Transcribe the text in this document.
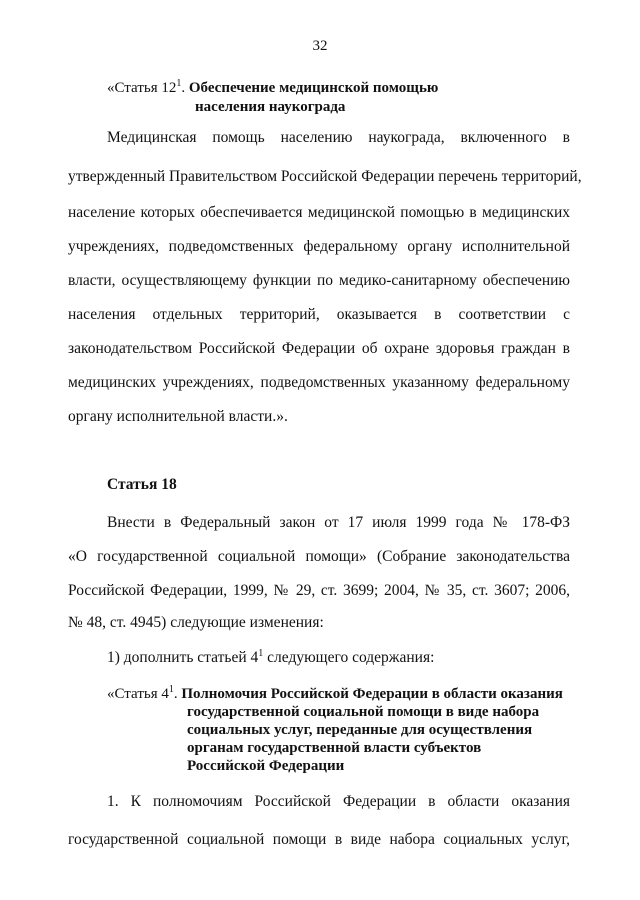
32
«Статья $12^1$. Обеспечение медицинской помощью
населения наукограда
Медицинская помощь населению наукограда, включенного в
утвержденный Правительством Российской Федерации перечень территорий,
население которых обеспечивается медицинской помощью в медицинских
учреждениях, подведомственных федеральному органу исполнительной
власти, осуществляющему функции по медико-санитарному обеспечению
населения отдельных территорий, оказывается в соответствии с
законодательством Российской Федерации об охране здоровья граждан в
медицинских учреждениях, подведомственных указанному федеральному
органу исполнительной власти.».
Статья 18
Внести в Федеральный закон от 17 июля 1999 года № 178-ФЗ
«О государственной социальной помощи» (Собрание законодательства
Российской Федерации, 1999, № 29, ст. 3699; 2004, № 35, ст. 3607; 2006,
№ 48, ст. 4945) следующие изменения:
1) дополнить статьей $4^1$ следующего содержания:
«Статья $4^1$. Полномочия Российской Федерации в области оказания
государственной социальной помощи в виде набора
социальных услуг, переданные для осуществления
органам государственной власти субъектов
Российской Федерации
1. К полномочиям Российской Федерации в области оказания
государственной социальной помощи в виде набора социальных услуг,
